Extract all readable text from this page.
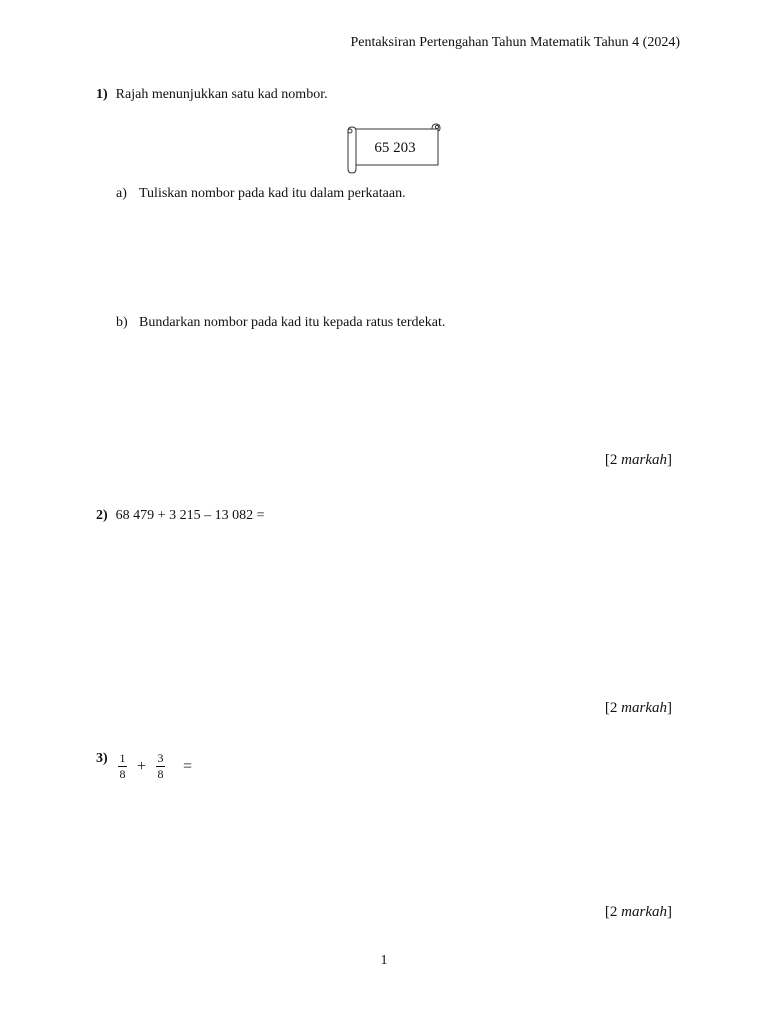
Pentaksiran Pertengahan Tahun Matematik Tahun 4 (2024)
1) Rajah menunjukkan satu kad nombor.
65 203
a) Tuliskan nombor pada kad itu dalam perkataan.
b) Bundarkan nombor pada kad itu kepada ratus terdekat.
[2 markah]
2) 68 479 + 3 215 – 13 082 =
[2 markah]
$3) \frac{1}{8} + \frac{3}{8}$ =
[2 markah]
1
